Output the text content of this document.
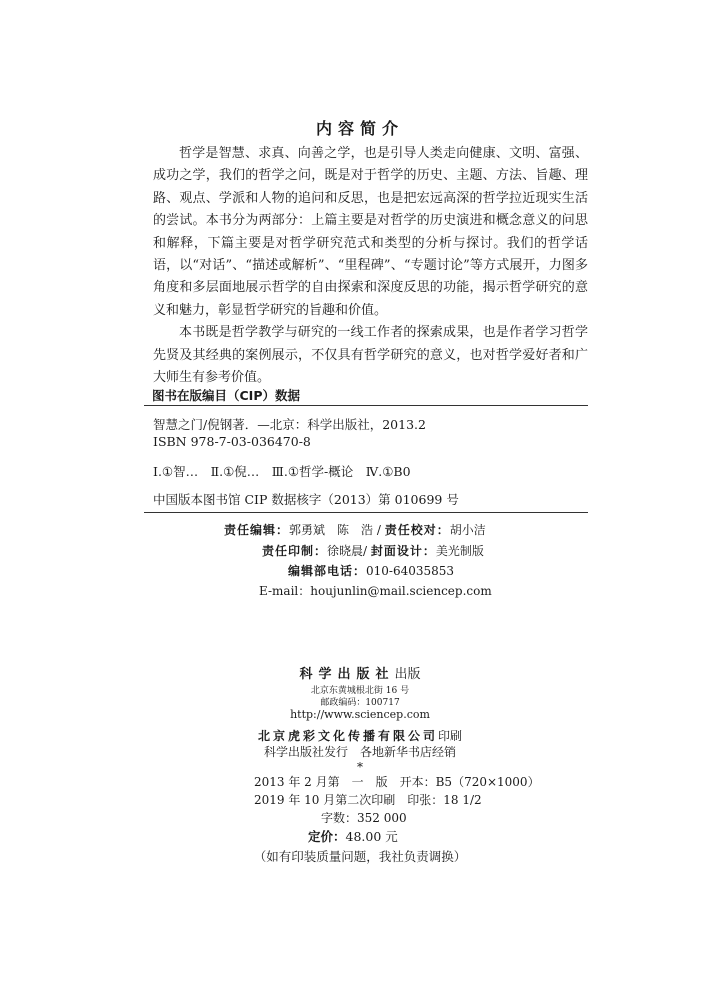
内容简介

哲学是智慧、求真、向善之学，也是引导人类走向健康、文明、富强、成功之学，我们的哲学之问，既是对于哲学的历史、主题、方法、旨趣、理路、观点、学派和人物的追问和反思，也是把宏远高深的哲学拉近现实生活的尝试。本书分为两部分：上篇主要是对哲学的历史演进和概念意义的问思和解释，下篇主要是对哲学研究范式和类型的分析与探讨。我们的哲学话语，以“对话”、“描述或解析”、“里程碑”、“专题讨论”等方式展开，力图多角度和多层面地展示哲学的自由探索和深度反思的功能，揭示哲学研究的意义和魅力，彰显哲学研究的旨趣和价值。

本书既是哲学教学与研究的一线工作者的探索成果，也是作者学习哲学先贤及其经典的案例展示，不仅具有哲学研究的意义，也对哲学爱好者和广大师生有参考价值。

图书在版编目（CIP）数据
智慧之门/倪钢著．—北京：科学出版社，2013.2
ISBN 978-7-03-036470-8
Ⅰ.①智…　Ⅱ.①倪…　Ⅲ.①哲学-概论　Ⅳ.①B0
中国版本图书馆 CIP 数据核字（2013）第 010699 号
责任编辑：郭勇斌　陈　浩 / 责任校对：胡小洁
责任印制：徐晓晨/ 封面设计：美光制版
编辑部电话：010-64035853
E-mail：houjunlin@mail.sciencep.com
科学出版社出版
北京东黄城根北街 16 号
邮政编码：100717
http://www.sciencep.com
北京虎彩文化传播有限公司印刷
科学出版社发行　各地新华书店经销
*
2013 年 2 月第　一　版　开本：B5（720×1000）
2019 年 10 月第二次印刷　印张：18 1/2
字数：352 000
定价：48.00 元
（如有印装质量问题，我社负责调换）
